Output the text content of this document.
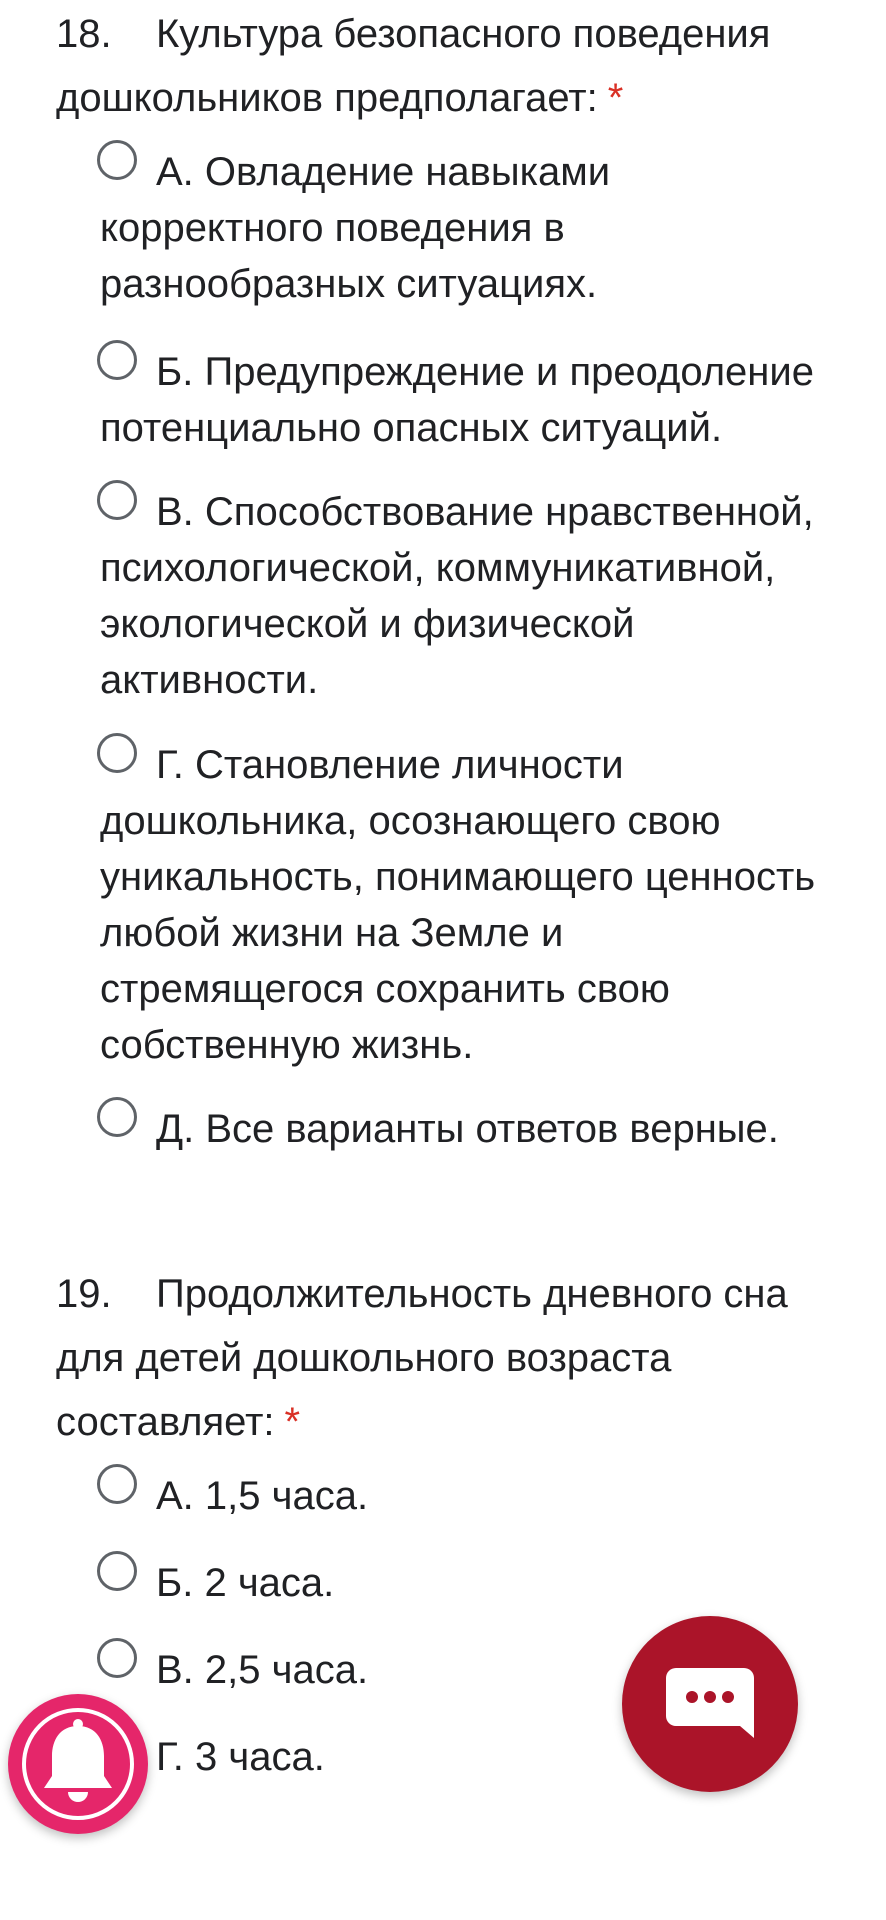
18. Культура безопасного поведения дошкольников предполагает: *

А. Овладение навыками корректного поведения в разнообразных ситуациях.
Б. Предупреждение и преодоление потенциально опасных ситуаций.
В. Способствование нравственной, психологической, коммуникативной, экологической и физической активности.
Г. Становление личности дошкольника, осознающего свою уникальность, понимающего ценность любой жизни на Земле и стремящегося сохранить свою собственную жизнь.
Д. Все варианты ответов верные.

19. Продолжительность дневного сна для детей дошкольного возраста составляет: *

А. 1,5 часа.
Б. 2 часа.
В. 2,5 часа.
Г. 3 часа.
